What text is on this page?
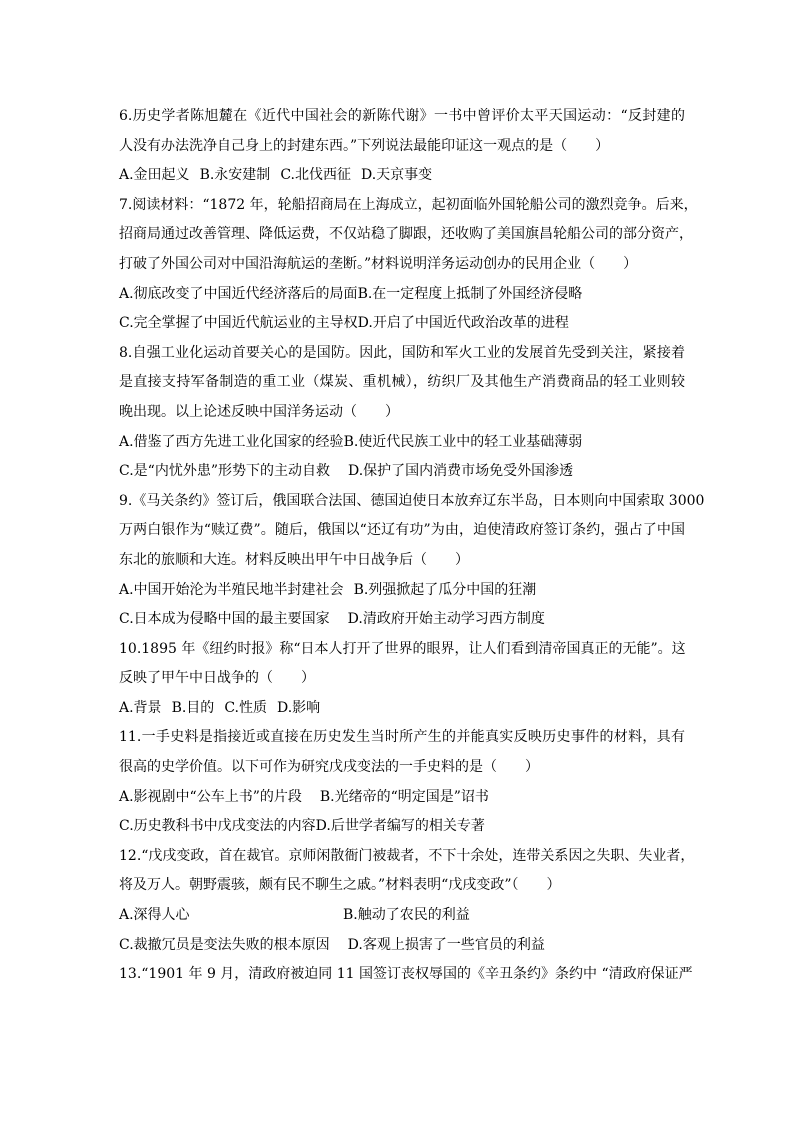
6.历史学者陈旭麓在《近代中国社会的新陈代谢》一书中曾评价太平天国运动：“反封建的
人没有办法洗净自己身上的封建东西。”下列说法最能印证这一观点的是（　　）
A.金田起义 B.永安建制 C.北伐西征 D.天京事变
7.阅读材料：“1872 年，轮船招商局在上海成立，起初面临外国轮船公司的激烈竞争。后来，
招商局通过改善管理、降低运费，不仅站稳了脚跟，还收购了美国旗昌轮船公司的部分资产，
打破了外国公司对中国沿海航运的垄断。”材料说明洋务运动创办的民用企业（　　）
A.彻底改变了中国近代经济落后的局面B.在一定程度上抵制了外国经济侵略
C.完全掌握了中国近代航运业的主导权D.开启了中国近代政治改革的进程
8.自强工业化运动首要关心的是国防。因此，国防和军火工业的发展首先受到关注，紧接着
是直接支持军备制造的重工业（煤炭、重机械），纺织厂及其他生产消费商品的轻工业则较
晚出现。以上论述反映中国洋务运动（　　）
A.借鉴了西方先进工业化国家的经验B.使近代民族工业中的轻工业基础薄弱
C.是“内忧外患”形势下的主动自救 D.保护了国内消费市场免受外国渗透
9.《马关条约》签订后，俄国联合法国、德国迫使日本放弃辽东半岛，日本则向中国索取 3000
万两白银作为“赎辽费”。随后，俄国以“还辽有功”为由，迫使清政府签订条约，强占了中国
东北的旅顺和大连。材料反映出甲午中日战争后（　　）
A.中国开始沦为半殖民地半封建社会 B.列强掀起了瓜分中国的狂潮
C.日本成为侵略中国的最主要国家 D.清政府开始主动学习西方制度
10.1895 年《纽约时报》称“日本人打开了世界的眼界，让人们看到清帝国真正的无能”。这
反映了甲午中日战争的（　　）
A.背景 B.目的 C.性质 D.影响
11.一手史料是指接近或直接在历史发生当时所产生的并能真实反映历史事件的材料，具有
很高的史学价值。以下可作为研究戊戌变法的一手史料的是（　　）
A.影视剧中“公车上书”的片段 B.光绪帝的“明定国是”诏书
C.历史教科书中戊戌变法的内容D.后世学者编写的相关专著
12.“戊戌变政，首在裁官。京师闲散衙门被裁者，不下十余处，连带关系因之失职、失业者，
将及万人。朝野震骇，颇有民不聊生之戚。”材料表明“戊戌变政”（　　）
A.深得人心	B.触动了农民的利益
C.裁撤冗员是变法失败的根本原因 D.客观上损害了一些官员的利益
13.“1901 年 9 月，清政府被迫同 11 国签订丧权辱国的《辛丑条约》条约中 “清政府保证严
